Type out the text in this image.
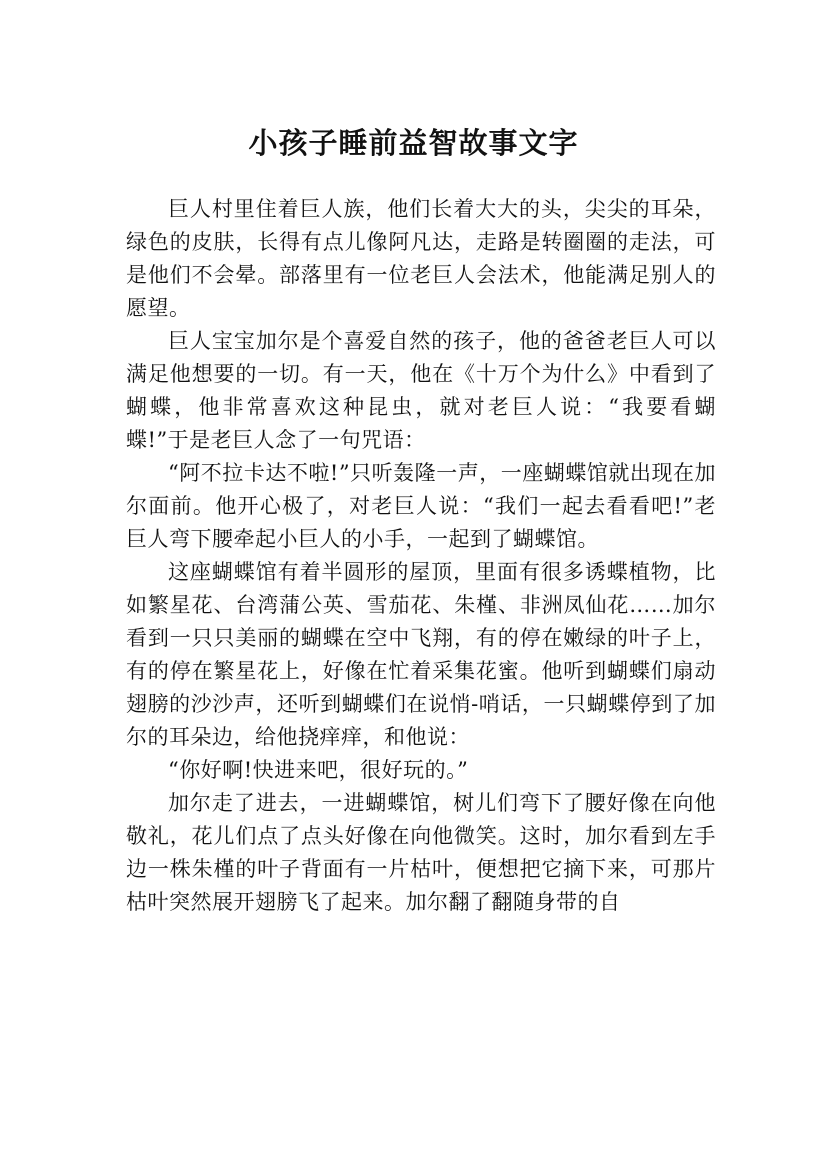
小孩子睡前益智故事文字

巨人村里住着巨人族，他们长着大大的头，尖尖的耳朵，绿色的皮肤，长得有点儿像阿凡达，走路是转圈圈的走法，可是他们不会晕。部落里有一位老巨人会法术，他能满足别人的愿望。

巨人宝宝加尔是个喜爱自然的孩子，他的爸爸老巨人可以满足他想要的一切。有一天，他在《十万个为什么》中看到了蝴蝶，他非常喜欢这种昆虫，就对老巨人说：“我要看蝴蝶!”于是老巨人念了一句咒语：

“阿不拉卡达不啦!”只听轰隆一声，一座蝴蝶馆就出现在加尔面前。他开心极了，对老巨人说：“我们一起去看看吧!”老巨人弯下腰牵起小巨人的小手，一起到了蝴蝶馆。

这座蝴蝶馆有着半圆形的屋顶，里面有很多诱蝶植物，比如繁星花、台湾蒲公英、雪茄花、朱槿、非洲凤仙花……加尔看到一只只美丽的蝴蝶在空中飞翔，有的停在嫩绿的叶子上，有的停在繁星花上，好像在忙着采集花蜜。他听到蝴蝶们扇动翅膀的沙沙声，还听到蝴蝶们在说悄-哨话，一只蝴蝶停到了加尔的耳朵边，给他挠痒痒，和他说：

“你好啊!快进来吧，很好玩的。”

加尔走了进去，一进蝴蝶馆，树儿们弯下了腰好像在向他敬礼，花儿们点了点头好像在向他微笑。这时，加尔看到左手边一株朱槿的叶子背面有一片枯叶，便想把它摘下来，可那片枯叶突然展开翅膀飞了起来。加尔翻了翻随身带的自
